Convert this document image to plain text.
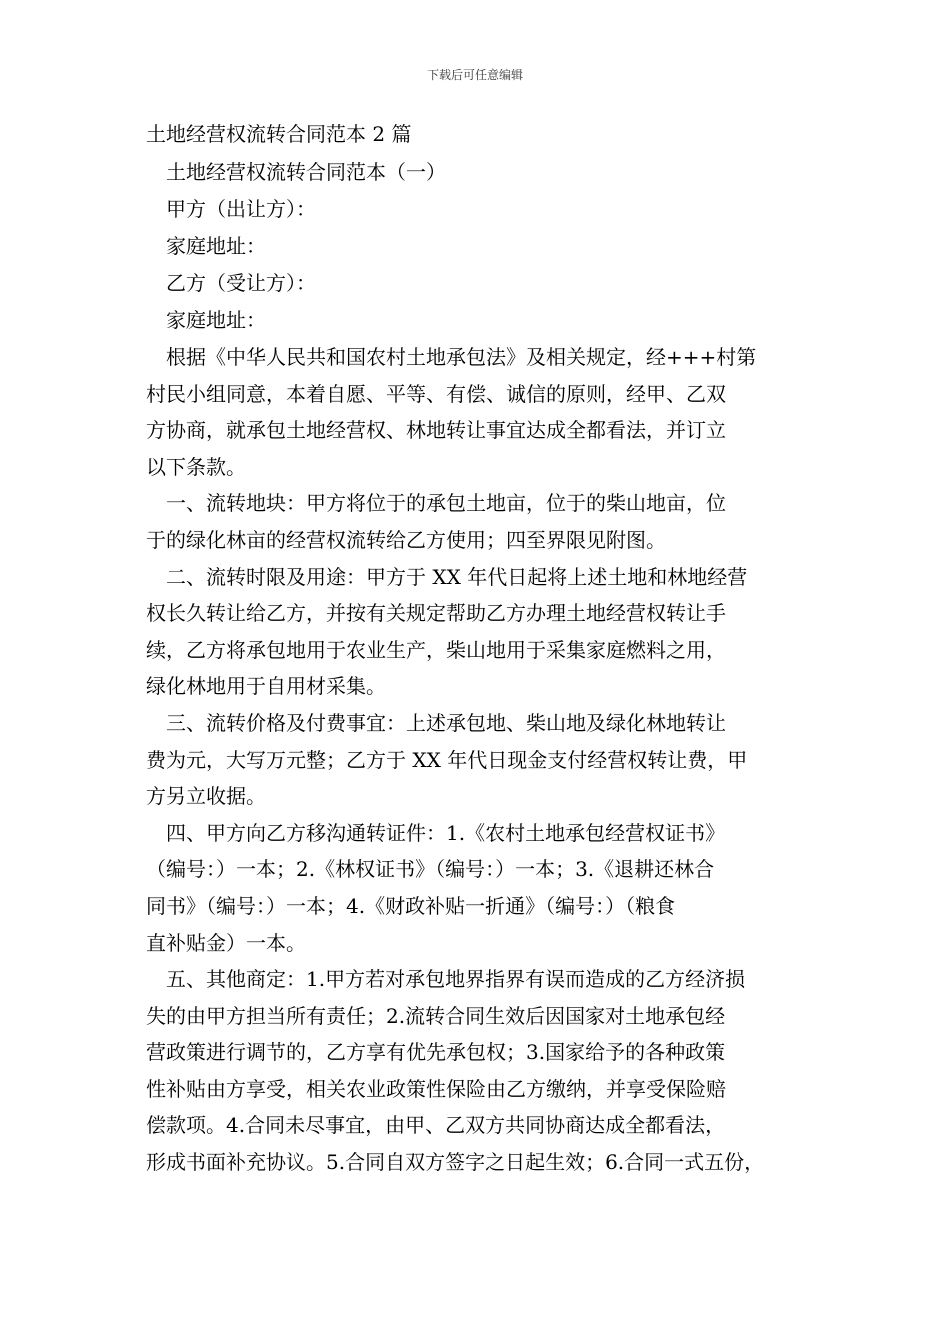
下载后可任意编辑
土地经营权流转合同范本 2 篇
土地经营权流转合同范本（一）
甲方（出让方）：
家庭地址：
乙方（受让方）：
家庭地址：
根据《中华人民共和国农村土地承包法》及相关规定，经+++村第
村民小组同意，本着自愿、平等、有偿、诚信的原则，经甲、乙双
方协商，就承包土地经营权、林地转让事宜达成全都看法，并订立
以下条款。
一、流转地块：甲方将位于的承包土地亩，位于的柴山地亩，位
于的绿化林亩的经营权流转给乙方使用；四至界限见附图。
二、流转时限及用途：甲方于 XX 年代日起将上述土地和林地经营
权长久转让给乙方，并按有关规定帮助乙方办理土地经营权转让手
续，乙方将承包地用于农业生产，柴山地用于采集家庭燃料之用，
绿化林地用于自用材采集。
三、流转价格及付费事宜：上述承包地、柴山地及绿化林地转让
费为元，大写万元整；乙方于 XX 年代日现金支付经营权转让费，甲
方另立收据。
四、甲方向乙方移沟通转证件：1.《农村土地承包经营权证书》
（编号：）一本；2.《林权证书》（编号：）一本；3.《退耕还林合
同书》（编号：）一本；4.《财政补贴一折通》（编号：）（粮食
直补贴金）一本。
五、其他商定：1.甲方若对承包地界指界有误而造成的乙方经济损
失的由甲方担当所有责任；2.流转合同生效后因国家对土地承包经
营政策进行调节的，乙方享有优先承包权；3.国家给予的各种政策
性补贴由方享受，相关农业政策性保险由乙方缴纳，并享受保险赔
偿款项。4.合同未尽事宜，由甲、乙双方共同协商达成全都看法，
形成书面补充协议。5.合同自双方签字之日起生效；6.合同一式五份，
